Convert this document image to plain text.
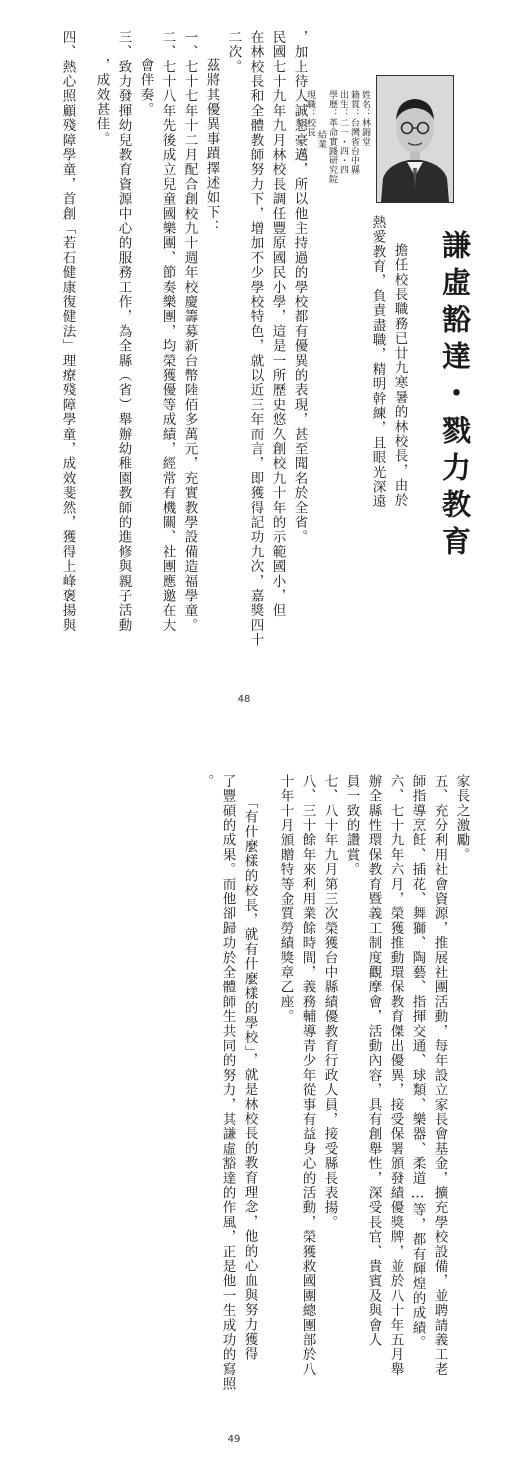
謙虛豁達・戮力教育
姓名：林錦堂
籍貫：台灣省台中縣
出生：二一・四・四
學歷：革命實踐研究院
結業
現職：校長
擔任校長職務已廿九寒暑的林校長，由於
熱愛教育，負責盡職，精明幹練，且眼光深遠
，加上待人誠懇豪邁，所以他主持過的學校都有優異的表現，甚至聞名於全省。
民國七十九年九月林校長調任豐原國民小學，這是一所歷史悠久創校九十年的示範國小，但
在林校長和全體教師努力下，增加不少學校特色，就以近三年而言，即獲得記功九次，嘉獎四十
二次。
茲將其優異事蹟擇述如下：
一、七十七年十二月配合創校九十週年校慶籌募新台幣陸佰多萬元，充實教學設備造福學童。
二、七十八年先後成立兒童國樂團、節奏樂團，均榮獲優等成績，經常有機關、社團應邀在大
會伴奏。
三、致力發揮幼兒教育資源中心的服務工作，為全縣（省）舉辦幼稚園教師的進修與親子活動
，成效甚佳。
四、熱心照顧殘障學童，首創「若石健康復健法」理療殘障學童，成效斐然，獲得上峰褒揚與
48
家長之激勵。
五、充分利用社會資源，推展社團活動，每年設立家長會基金，擴充學校設備，並聘請義工老
師指導烹飪、插花、舞獅、陶藝、指揮交通、球類、樂器、柔道…等，都有輝煌的成績。
六、七十九年六月，榮獲推動環保教育傑出優異，接受保署頒發績優獎牌，並於八十年五月舉
辦全縣性環保教育暨義工制度觀摩會，活動內容，具有創舉性，深受長官、貴賓及與會人
員一致的讚賞。
七、八十年九月第三次榮獲台中縣績優教育行政人員，接受縣長表揚。
八、三十餘年來利用業餘時間，義務輔導青少年從事有益身心的活動，榮獲救國團總團部於八
十年十月頒贈特等金質勞績獎章乙座。
「有什麼樣的校長，就有什麼樣的學校」，就是林校長的教育理念，他的心血與努力獲得
了豐碩的成果。而他卻歸功於全體師生共同的努力，其謙虛豁達的作風，正是他一生成功的寫照
。
49
